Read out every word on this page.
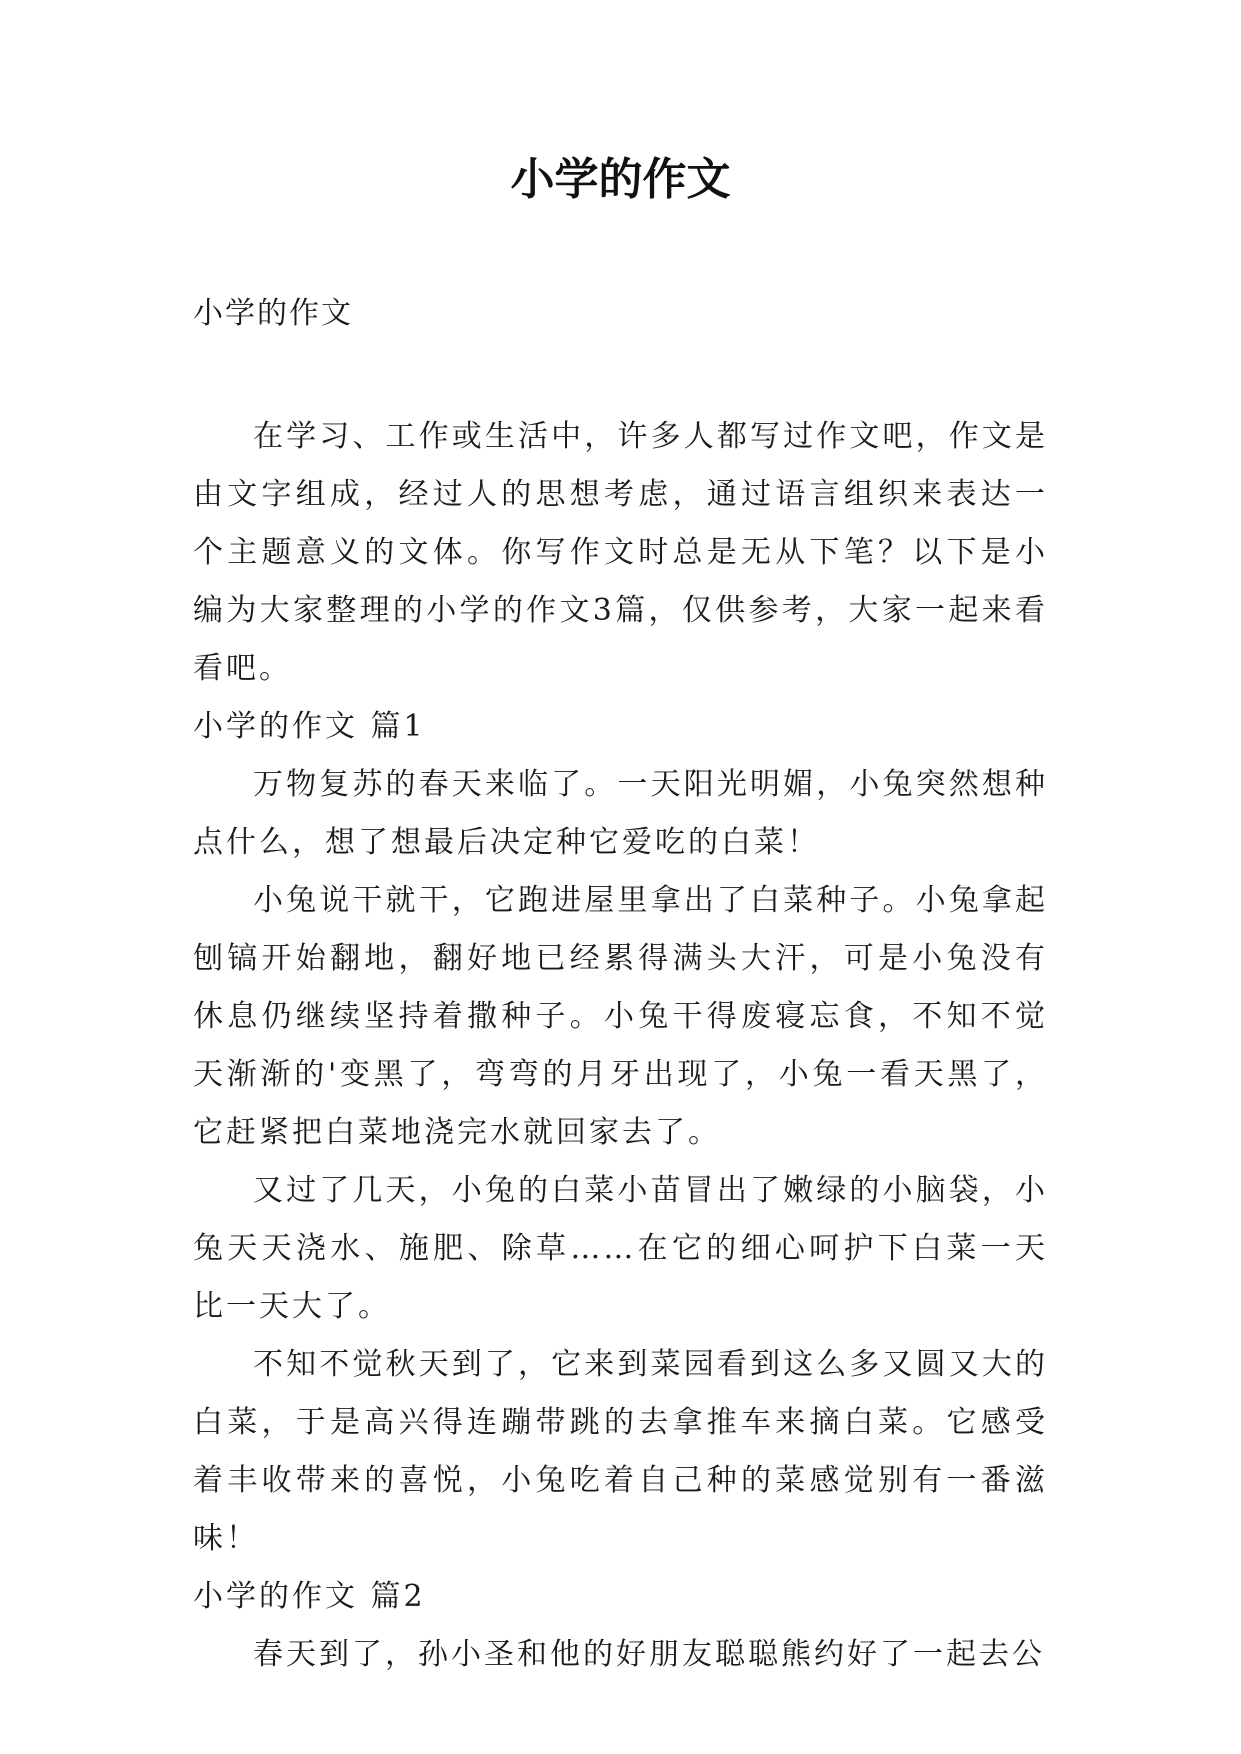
小学的作文

小学的作文

在学习、工作或生活中，许多人都写过作文吧，作文是由文字组成，经过人的思想考虑，通过语言组织来表达一个主题意义的文体。你写作文时总是无从下笔？以下是小编为大家整理的小学的作文3篇，仅供参考，大家一起来看看吧。

小学的作文 篇1

万物复苏的春天来临了。一天阳光明媚，小兔突然想种点什么，想了想最后决定种它爱吃的白菜！

小兔说干就干，它跑进屋里拿出了白菜种子。小兔拿起刨镐开始翻地，翻好地已经累得满头大汗，可是小兔没有休息仍继续坚持着撒种子。小兔干得废寝忘食，不知不觉天渐渐的'变黑了，弯弯的月牙出现了，小兔一看天黑了，它赶紧把白菜地浇完水就回家去了。

又过了几天，小兔的白菜小苗冒出了嫩绿的小脑袋，小兔天天浇水、施肥、除草……在它的细心呵护下白菜一天比一天大了。

不知不觉秋天到了，它来到菜园看到这么多又圆又大的白菜，于是高兴得连蹦带跳的去拿推车来摘白菜。它感受着丰收带来的喜悦，小兔吃着自己种的菜感觉别有一番滋味！

小学的作文 篇2

春天到了，孙小圣和他的好朋友聪聪熊约好了一起去公
